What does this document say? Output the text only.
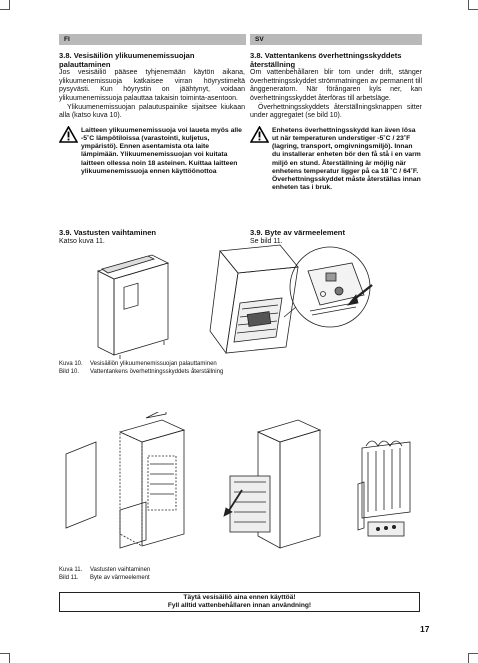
FI	SV
3.8. Vesisäiliön ylikuumenemissuojan palauttaminen

Jos vesisäiliö pääsee tyhjenemään käytön aikana, ylikuumenemissuoja katkaisee virran höyrystimeltä pysyvästi. Kun höyrystin on jäähtynyt, voidaan ylikuumenemissuoja palauttaa takaisin toiminta-asentoon.

Ylikuumenemissuojan palautuspainike sijaitsee kiukaan alla (katso kuva 10).

Laitteen ylikuumenemissuoja voi laueta myös alle -5˚C lämpötiloissa (varastointi, kuljetus, ympäristö). Ennen asentamista ota laite lämpimään. Ylikuumenemissuojan voi kuitata laitteen ollessa noin 18 asteinen. Kuittaa laitteen ylikuumenemissuoja ennen käyttöönottoa
3.8. Vattentankens överhettningsskyddets återställning

Om vattenbehållaren blir tom under drift, stänger överhettningsskyddet strömmatningen av permanent till ånggeneratorn. När förångaren kyls ner, kan överhettningsskyddet återföras till arbetsläge.

Överhettningsskyddets återställningsknappen sitter under aggregatet (se bild 10).

Enhetens överhettningsskydd kan även lösa ut när temperaturen understiger -5˚C / 23˚F (lagring, transport, omgivningsmiljö). Innan du installerar enheten bör den få stå i en varm miljö en stund. Återställning är möjlig när enhetens temperatur ligger på ca 18 ˚C / 64˚F. Överhettningsskyddet måste återställas innan enheten tas i bruk.
3.9. Vastusten vaihtaminen
Katso kuva 11.
3.9. Byte av värmeelement
Se bild 11.
Kuva 10. Vesisäiliön ylikuumenemissuojan palauttaminen
Bild 10. Vattentankens överhettningsskyddets återställning
Kuva 11. Vastusten vaihtaminen
Bild 11. Byte av värmeelement
Täytä vesisäiliö aina ennen käyttöä!
Fyll alltid vattenbehållaren innan användning!
17
